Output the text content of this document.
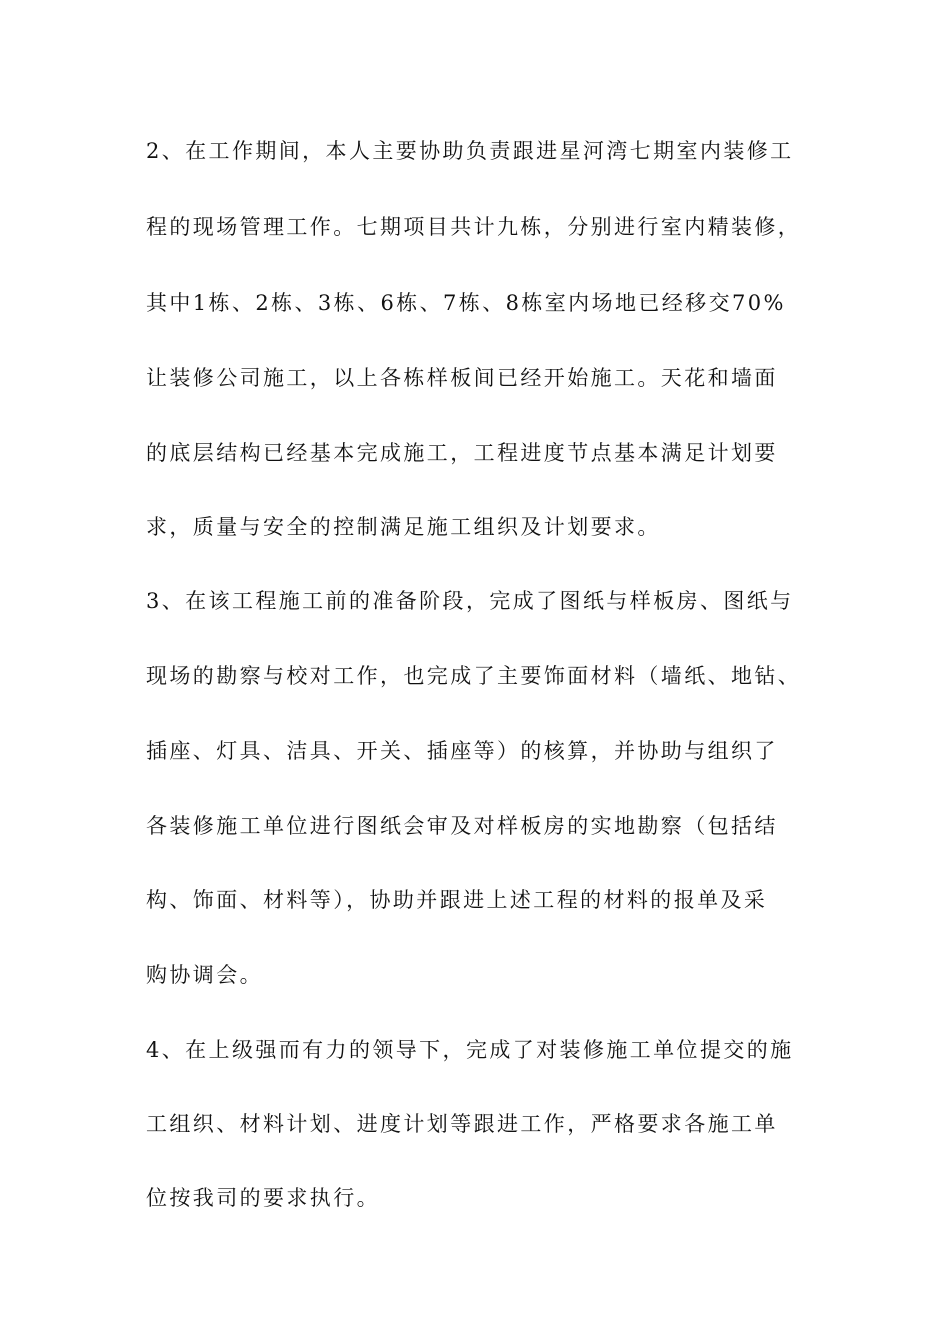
2、在工作期间，本人主要协助负责跟进星河湾七期室内装修工
程的现场管理工作。七期项目共计九栋，分别进行室内精装修，
其中1栋、2栋、3栋、6栋、7栋、8栋室内场地已经移交70%
让装修公司施工，以上各栋样板间已经开始施工。天花和墙面
的底层结构已经基本完成施工，工程进度节点基本满足计划要
求，质量与安全的控制满足施工组织及计划要求。
3、在该工程施工前的准备阶段，完成了图纸与样板房、图纸与
现场的勘察与校对工作，也完成了主要饰面材料（墙纸、地钻、
插座、灯具、洁具、开关、插座等）的核算，并协助与组织了
各装修施工单位进行图纸会审及对样板房的实地勘察（包括结
构、饰面、材料等），协助并跟进上述工程的材料的报单及采
购协调会。
4、在上级强而有力的领导下，完成了对装修施工单位提交的施
工组织、材料计划、进度计划等跟进工作，严格要求各施工单
位按我司的要求执行。
